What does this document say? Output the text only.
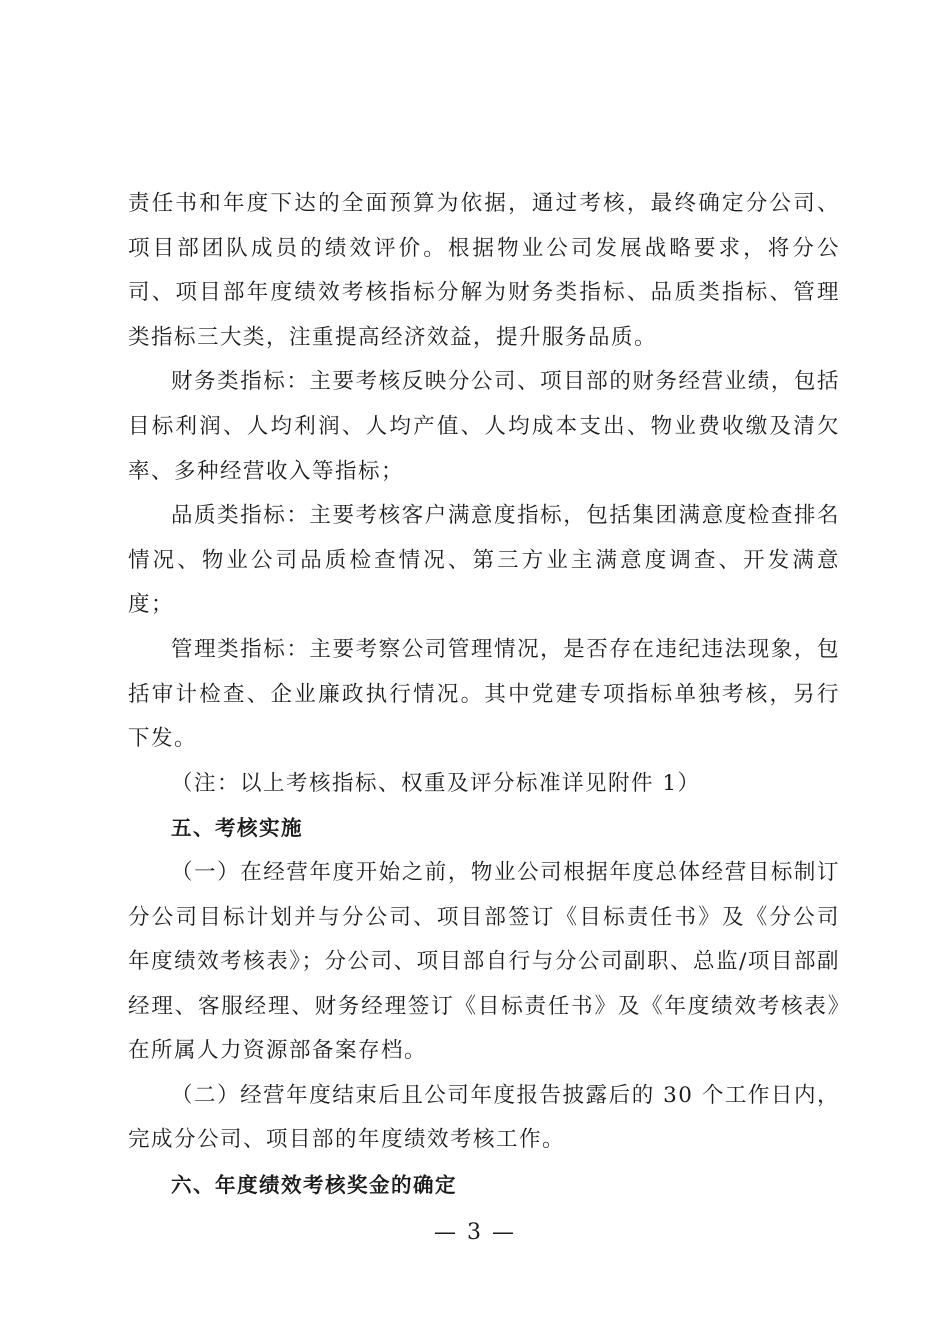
责任书和年度下达的全面预算为依据，通过考核，最终确定分公司、项目部团队成员的绩效评价。根据物业公司发展战略要求，将分公司、项目部年度绩效考核指标分解为财务类指标、品质类指标、管理类指标三大类，注重提高经济效益，提升服务品质。

财务类指标：主要考核反映分公司、项目部的财务经营业绩，包括目标利润、人均利润、人均产值、人均成本支出、物业费收缴及清欠率、多种经营收入等指标；

品质类指标：主要考核客户满意度指标，包括集团满意度检查排名情况、物业公司品质检查情况、第三方业主满意度调查、开发满意度；

管理类指标：主要考察公司管理情况，是否存在违纪违法现象，包括审计检查、企业廉政执行情况。其中党建专项指标单独考核，另行下发。

（注：以上考核指标、权重及评分标准详见附件 1）

五、考核实施

（一）在经营年度开始之前，物业公司根据年度总体经营目标制订分公司目标计划并与分公司、项目部签订《目标责任书》及《分公司年度绩效考核表》；分公司、项目部自行与分公司副职、总监/项目部副经理、客服经理、财务经理签订《目标责任书》及《年度绩效考核表》在所属人力资源部备案存档。

（二）经营年度结束后且公司年度报告披露后的 30 个工作日内，完成分公司、项目部的年度绩效考核工作。

六、年度绩效考核奖金的确定

— 3 —
